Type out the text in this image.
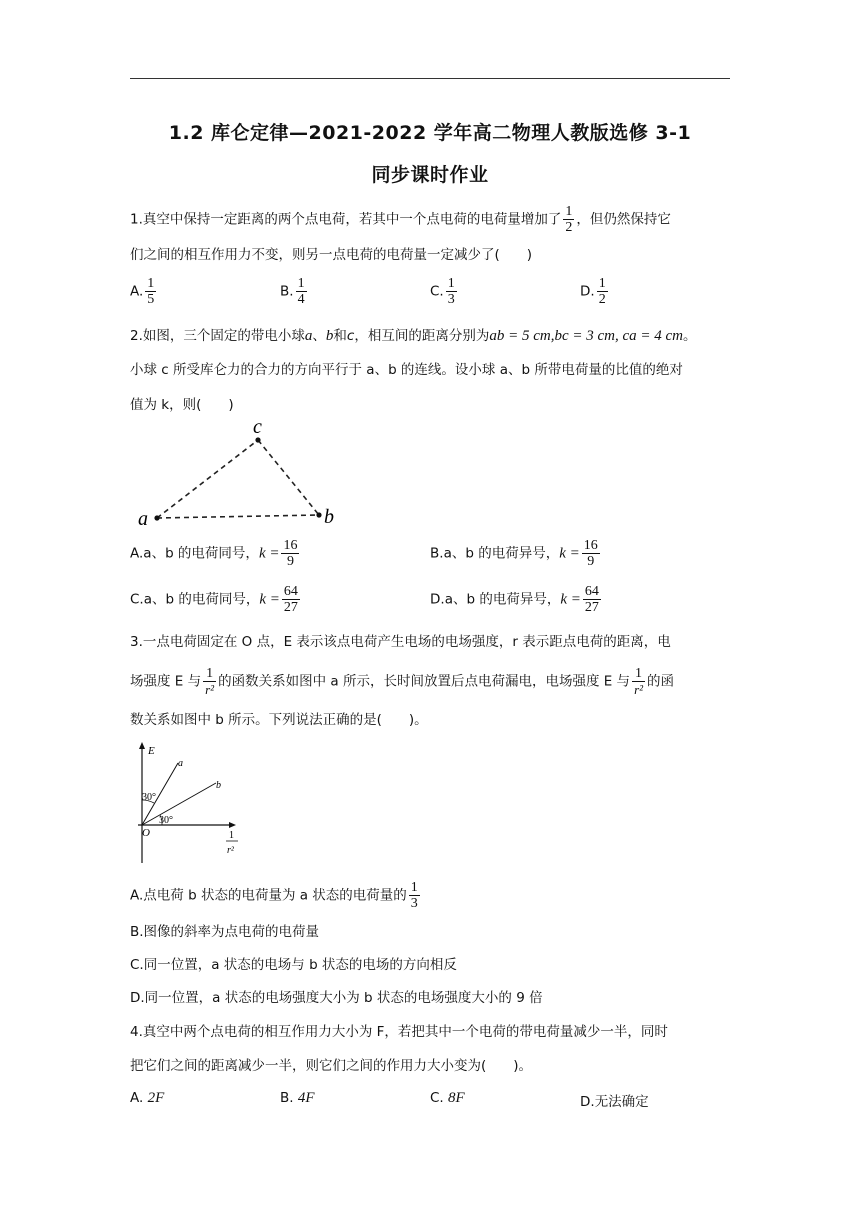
1.2 库仑定律—2021-2022 学年高二物理人教版选修 3-1
同步课时作业
1.真空中保持一定距离的两个点电荷，若其中一个点电荷的电荷量增加了 $\frac{1}{2}$ ，但仍然保持它
们之间的相互作用力不变，则另一点电荷的电荷量一定减少了(　　)
A. $\frac{1}{5}$	B. $\frac{1}{4}$	C. $\frac{1}{3}$	D. $\frac{1}{2}$
2.如图，三个固定的带电小球a、b和c，相互间的距离分别为ab = 5 cm,bc = 3 cm, ca = 4 cm。
小球 c 所受库仑力的合力的方向平行于 a、b 的连线。设小球 a、b 所带电荷量的比值的绝对
值为 k，则(　　)
a
c
b
A.a、b 的电荷同号，$k = \frac{16}{9}$	B.a、b 的电荷异号，$k = \frac{16}{9}$
C.a、b 的电荷同号，$k = \frac{64}{27}$	D.a、b 的电荷异号，$k = \frac{64}{27}$
3.一点电荷固定在 O 点，E 表示该点电荷产生电场的电场强度，r 表示距点电荷的距离，电
场强度 E 与 $\frac{1}{\text{r²}}$ 的函数关系如图中 a 所示，长时间放置后点电荷漏电，电场强度 E 与 $\frac{1}{\text{r²}}$ 的函
数关系如图中 b 所示。下列说法正确的是(　　)。
E
a
b
30°
30°
O	1
r²
A.点电荷 b 状态的电荷量为 a 状态的电荷量的 $\frac{1}{3}$
B.图像的斜率为点电荷的电荷量
C.同一位置，a 状态的电场与 b 状态的电场的方向相反
D.同一位置，a 状态的电场强度大小为 b 状态的电场强度大小的 9 倍
4.真空中两个点电荷的相互作用力大小为 F，若把其中一个电荷的带电荷量减少一半，同时
把它们之间的距离减少一半，则它们之间的作用力大小变为(　　)。
A. 2F	B. 4F	C. 8F	D.无法确定
